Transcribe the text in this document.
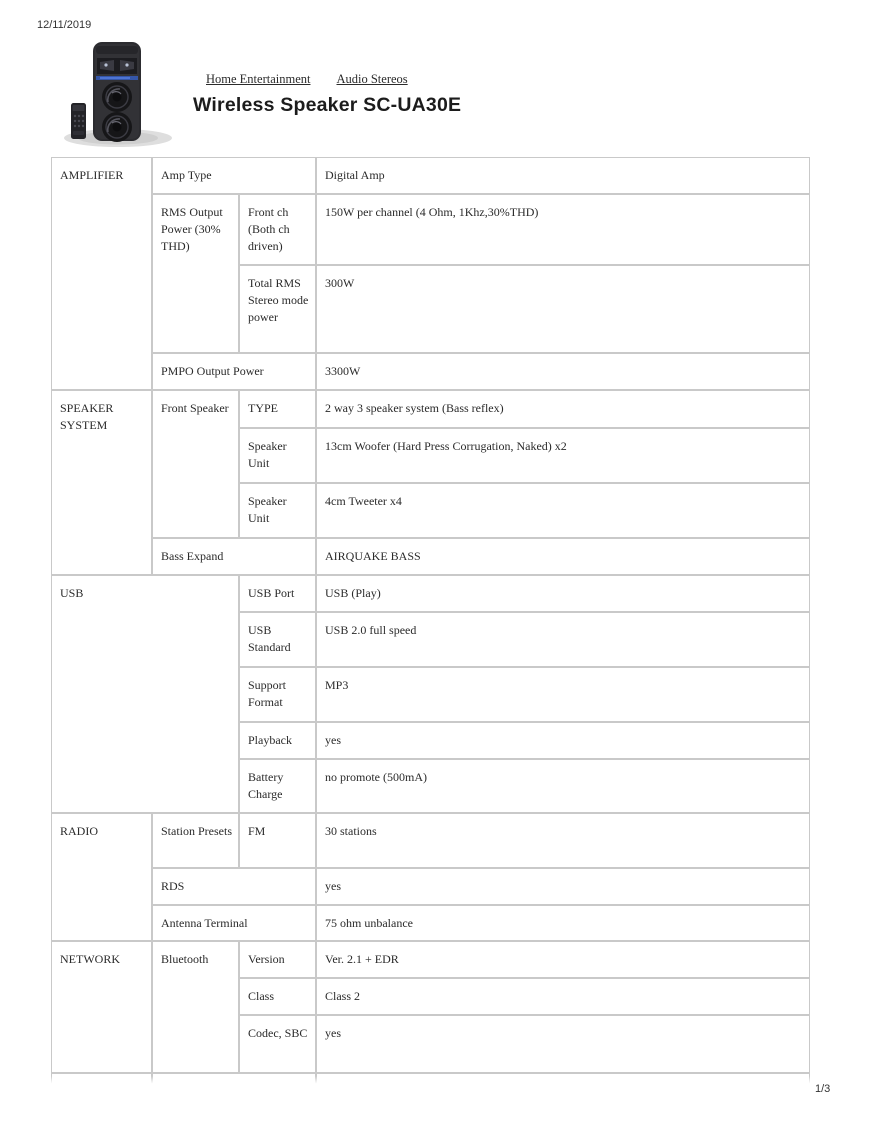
12/11/2019
Home Entertainment Audio Stereos
Wireless Speaker SC-UA30E
AMPLIFIER	Amp Type		Digital Amp
	RMS Output Power (30% THD)	Front ch (Both ch driven)	150W per channel (4 Ohm, 1Khz,30%THD)
		Total RMS Stereo mode power	300W
	PMPO Output Power		3300W
SPEAKER SYSTEM	Front Speaker	TYPE	2 way 3 speaker system (Bass reflex)
		Speaker Unit	13cm Woofer (Hard Press Corrugation, Naked) x2
		Speaker Unit	4cm Tweeter x4
	Bass Expand		AIRQUAKE BASS
USB		USB Port	USB (Play)
		USB Standard	USB 2.0 full speed
		Support Format	MP3
		Playback	yes
		Battery Charge	no promote (500mA)
RADIO	Station Presets	FM	30 stations
	RDS		yes
	Antenna Terminal		75 ohm unbalance
NETWORK	Bluetooth	Version	Ver. 2.1 + EDR
		Class	Class 2
		Codec, SBC	yes

1/3
